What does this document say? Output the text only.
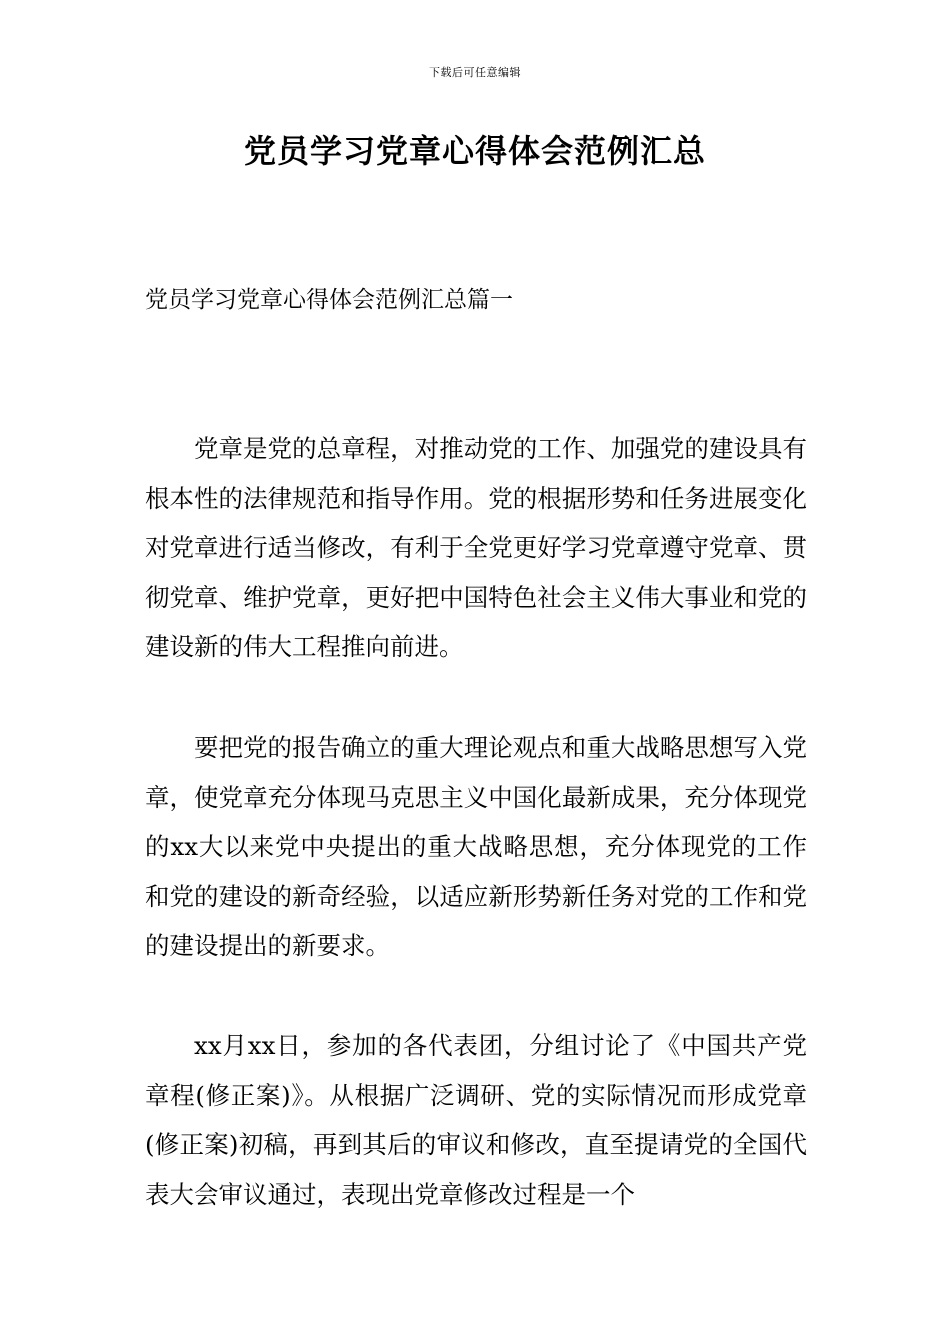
下载后可任意编辑
党员学习党章心得体会范例汇总
党员学习党章心得体会范例汇总篇一

党章是党的总章程，对推动党的工作、加强党的建设具有根本性的法律规范和指导作用。党的根据形势和任务进展变化对党章进行适当修改，有利于全党更好学习党章遵守党章、贯彻党章、维护党章，更好把中国特色社会主义伟大事业和党的建设新的伟大工程推向前进。

要把党的报告确立的重大理论观点和重大战略思想写入党章，使党章充分体现马克思主义中国化最新成果，充分体现党的xx大以来党中央提出的重大战略思想，充分体现党的工作和党的建设的新奇经验，以适应新形势新任务对党的工作和党的建设提出的新要求。

xx月xx日，参加的各代表团，分组讨论了《中国共产党章程(修正案)》。从根据广泛调研、党的实际情况而形成党章(修正案)初稿，再到其后的审议和修改，直至提请党的全国代表大会审议通过，表现出党章修改过程是一个
